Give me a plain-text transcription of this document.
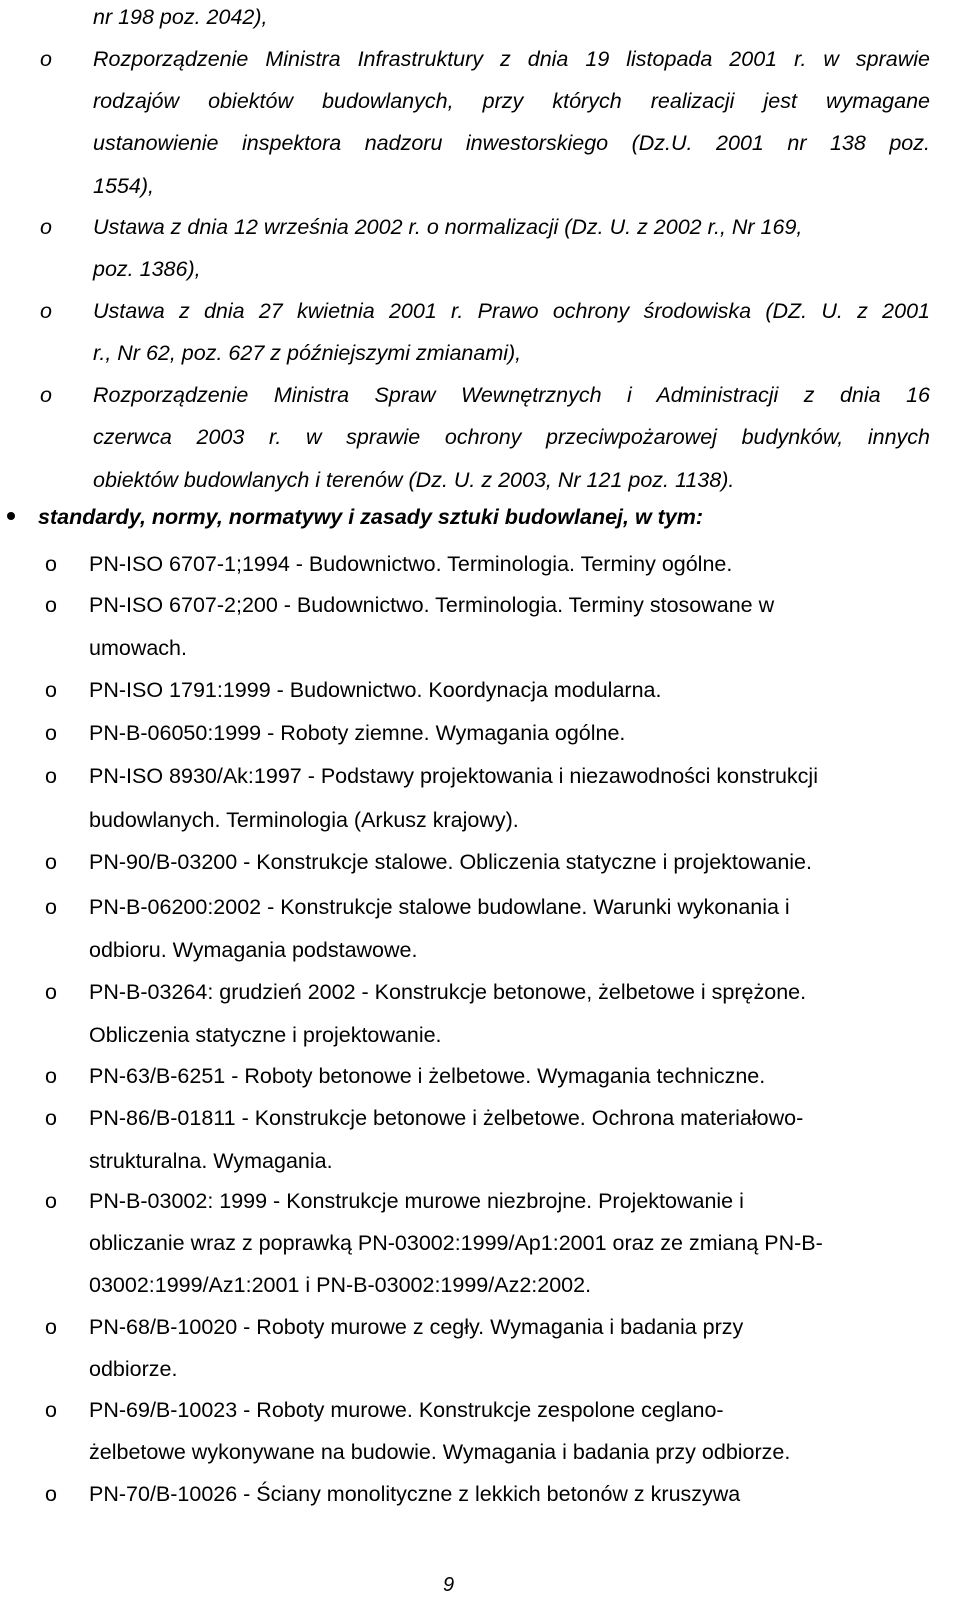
nr 198 poz. 2042),
o Rozporządzenie Ministra Infrastruktury z dnia 19 listopada 2001 r. w sprawie
rodzajów obiektów budowlanych, przy których realizacji jest wymagane
ustanowienie inspektora nadzoru inwestorskiego (Dz.U. 2001 nr 138 poz.
1554),
o Ustawa z dnia 12 września 2002 r. o normalizacji (Dz. U. z 2002 r., Nr 169,
poz. 1386),
o Ustawa z dnia 27 kwietnia 2001 r. Prawo ochrony środowiska (DZ. U. z 2001
r., Nr 62, poz. 627 z późniejszymi zmianami),
o Rozporządzenie Ministra Spraw Wewnętrznych i Administracji z dnia 16
czerwca 2003 r. w sprawie ochrony przeciwpożarowej budynków, innych
obiektów budowlanych i terenów (Dz. U. z 2003, Nr 121 poz. 1138).
standardy, normy, normatywy i zasady sztuki budowlanej, w tym:
o PN-ISO 6707-1;1994 - Budownictwo. Terminologia. Terminy ogólne.
o PN-ISO 6707-2;200 - Budownictwo. Terminologia. Terminy stosowane w
umowach.
o PN-ISO 1791:1999 - Budownictwo. Koordynacja modularna.
o PN-B-06050:1999 - Roboty ziemne. Wymagania ogólne.
o PN-ISO 8930/Ak:1997 - Podstawy projektowania i niezawodności konstrukcji
budowlanych. Terminologia (Arkusz krajowy).
o PN-90/B-03200 - Konstrukcje stalowe. Obliczenia statyczne i projektowanie.
o PN-B-06200:2002 - Konstrukcje stalowe budowlane. Warunki wykonania i
odbioru. Wymagania podstawowe.
o PN-B-03264: grudzień 2002 - Konstrukcje betonowe, żelbetowe i sprężone.
Obliczenia statyczne i projektowanie.
o PN-63/B-6251 - Roboty betonowe i żelbetowe. Wymagania techniczne.
o PN-86/B-01811 - Konstrukcje betonowe i żelbetowe. Ochrona materiałowo-
strukturalna. Wymagania.
o PN-B-03002: 1999 - Konstrukcje murowe niezbrojne. Projektowanie i
obliczanie wraz z poprawką PN-03002:1999/Ap1:2001 oraz ze zmianą PN-B-
03002:1999/Az1:2001 i PN-B-03002:1999/Az2:2002.
o PN-68/B-10020 - Roboty murowe z cegły. Wymagania i badania przy
odbiorze.
o PN-69/B-10023 - Roboty murowe. Konstrukcje zespolone ceglano-
żelbetowe wykonywane na budowie. Wymagania i badania przy odbiorze.
o PN-70/B-10026 - Ściany monolityczne z lekkich betonów z kruszywa
9
